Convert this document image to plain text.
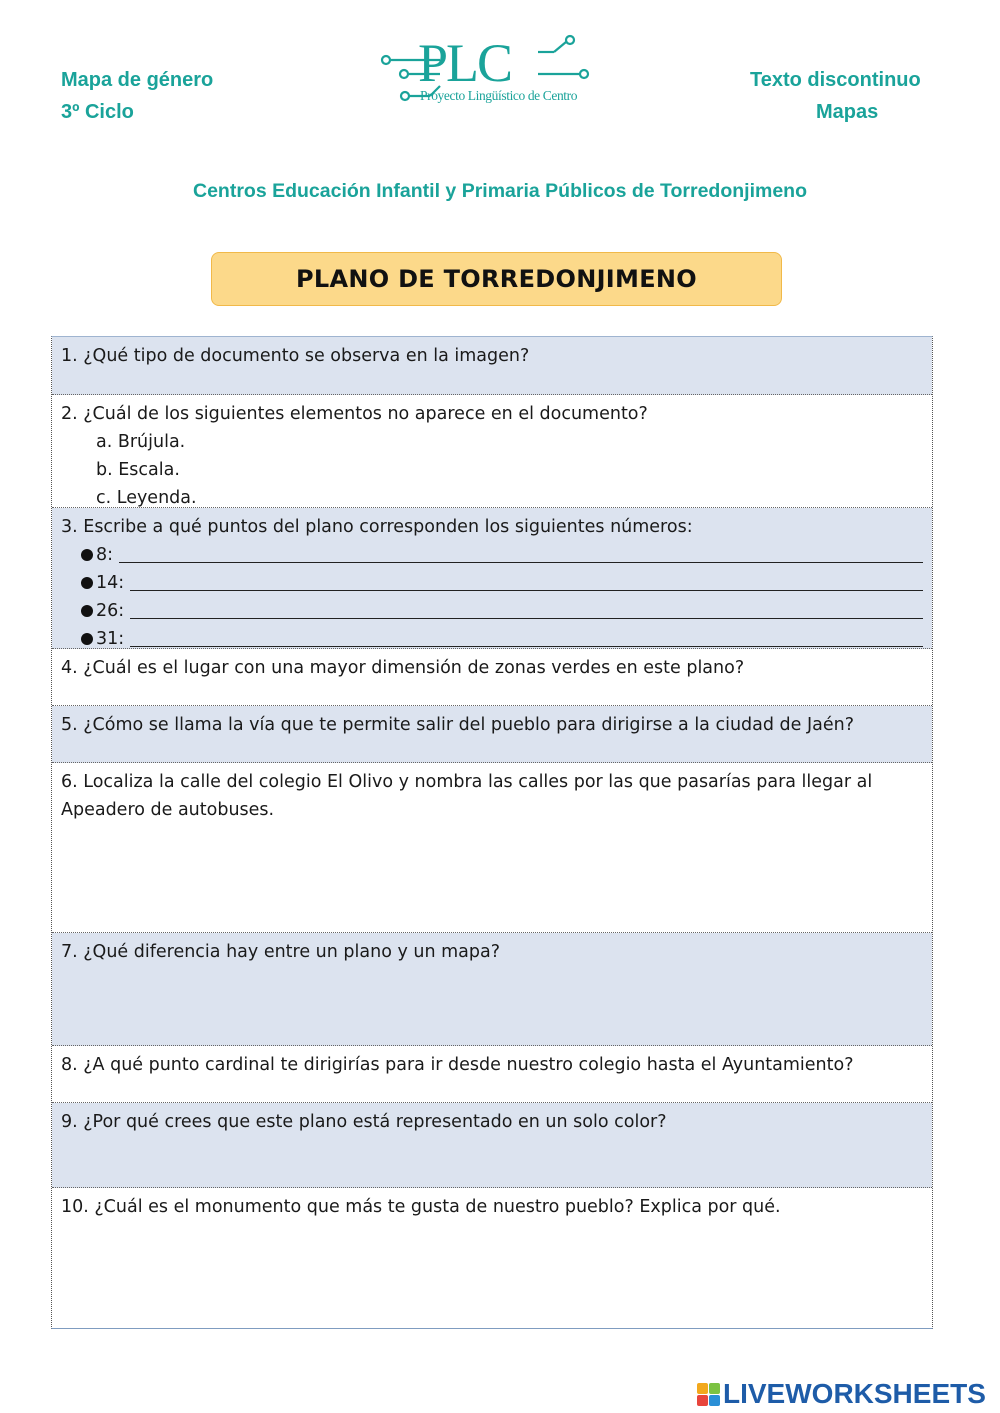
Mapa de género
3º Ciclo
Texto discontinuo
Mapas
PLC
Proyecto Lingüístico de Centro
Centros Educación Infantil y Primaria Públicos de Torredonjimeno
PLANO DE TORREDONJIMENO
1. ¿Qué tipo de documento se observa en la imagen?
2. ¿Cuál de los siguientes elementos no aparece en el documento?
a. Brújula.
b. Escala.
c. Leyenda.
3. Escribe a qué puntos del plano corresponden los siguientes números:
8:
14:
26:
31:
4. ¿Cuál es el lugar con una mayor dimensión de zonas verdes en este plano?
5. ¿Cómo se llama la vía que te permite salir del pueblo para dirigirse a la ciudad de Jaén?
6. Localiza la calle del colegio El Olivo y nombra las calles por las que pasarías para llegar al Apeadero de autobuses.
7. ¿Qué diferencia hay entre un plano y un mapa?
8. ¿A qué punto cardinal te dirigirías para ir desde nuestro colegio hasta el Ayuntamiento?
9. ¿Por qué crees que este plano está representado en un solo color?
10. ¿Cuál es el monumento que más te gusta de nuestro pueblo? Explica por qué.
LIVEWORKSHEETS
